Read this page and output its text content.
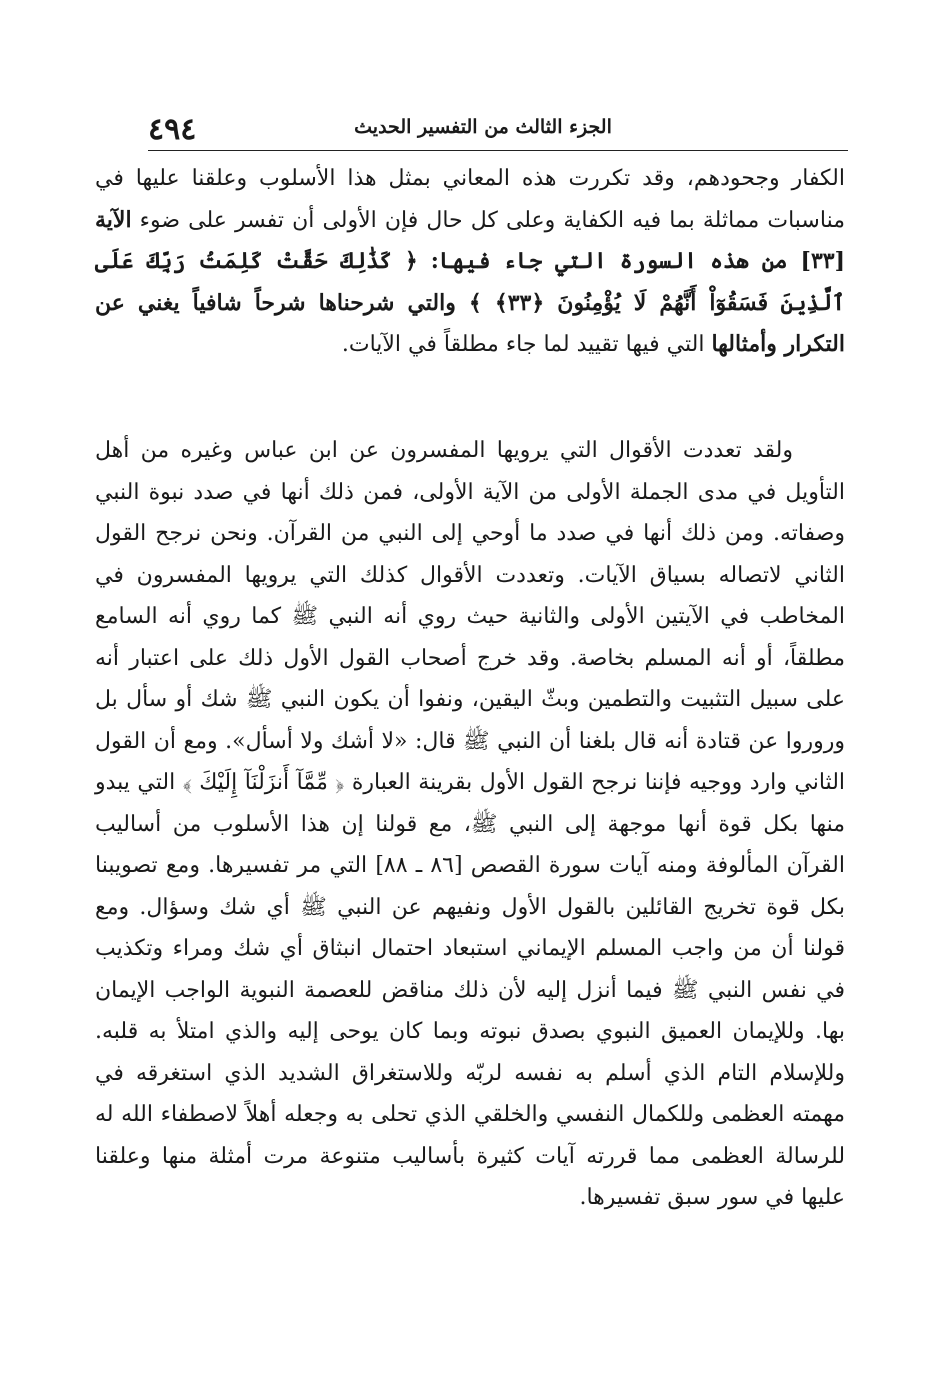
٤٩٤	الجزء الثالث من التفسير الحديث
الكفار وجحودهم، وقد تكررت هذه المعاني بمثل هذا الأسلوب وعلقنا عليها في مناسبات مماثلة بما فيه الكفاية وعلى كل حال فإن الأولى أن تفسر على ضوء الآية [٣٣] من هذه السورة التي جاء فيها: ﴿ كَذَٰلِكَ حَقَّتْ كَلِمَتُ رَبِّكَ عَلَى ٱلَّذِينَ فَسَقُوٓاْ أَنَّهُمْ لَا يُؤْمِنُونَ ﴿٣٣﴾ ﴾ والتي شرحناها شرحاً شافياً يغني عن التكرار وأمثالها التي فيها تقييد لما جاء مطلقاً في الآيات.
ولقد تعددت الأقوال التي يرويها المفسرون عن ابن عباس وغيره من أهل التأويل في مدى الجملة الأولى من الآية الأولى، فمن ذلك أنها في صدد نبوة النبي وصفاته. ومن ذلك أنها في صدد ما أوحي إلى النبي من القرآن. ونحن نرجح القول الثاني لاتصاله بسياق الآيات. وتعددت الأقوال كذلك التي يرويها المفسرون في المخاطب في الآيتين الأولى والثانية حيث روي أنه النبي ﷺ كما روي أنه السامع مطلقاً، أو أنه المسلم بخاصة. وقد خرج أصحاب القول الأول ذلك على اعتبار أنه على سبيل التثبيت والتطمين وبثّ اليقين، ونفوا أن يكون النبي ﷺ شك أو سأل بل وروروا عن قتادة أنه قال بلغنا أن النبي ﷺ قال: «لا أشك ولا أسأل». ومع أن القول الثاني وارد ووجيه فإننا نرجح القول الأول بقرينة العبارة ﴿ مِّمَّآ أَنزَلْنَآ إِلَيْكَ ﴾ التي يبدو منها بكل قوة أنها موجهة إلى النبي ﷺ، مع قولنا إن هذا الأسلوب من أساليب القرآن المألوفة ومنه آيات سورة القصص [٨٦ ـ ٨٨] التي مر تفسيرها. ومع تصويبنا بكل قوة تخريج القائلين بالقول الأول ونفيهم عن النبي ﷺ أي شك وسؤال. ومع قولنا أن من واجب المسلم الإيماني استبعاد احتمال انبثاق أي شك ومراء وتكذيب في نفس النبي ﷺ فيما أنزل إليه لأن ذلك مناقض للعصمة النبوية الواجب الإيمان بها. وللإيمان العميق النبوي بصدق نبوته وبما كان يوحى إليه والذي امتلأ به قلبه. وللإسلام التام الذي أسلم به نفسه لربّه وللاستغراق الشديد الذي استغرقه في مهمته العظمى وللكمال النفسي والخلقي الذي تحلى به وجعله أهلاً لاصطفاء الله له للرسالة العظمى مما قررته آيات كثيرة بأساليب متنوعة مرت أمثلة منها وعلقنا عليها في سور سبق تفسيرها.
